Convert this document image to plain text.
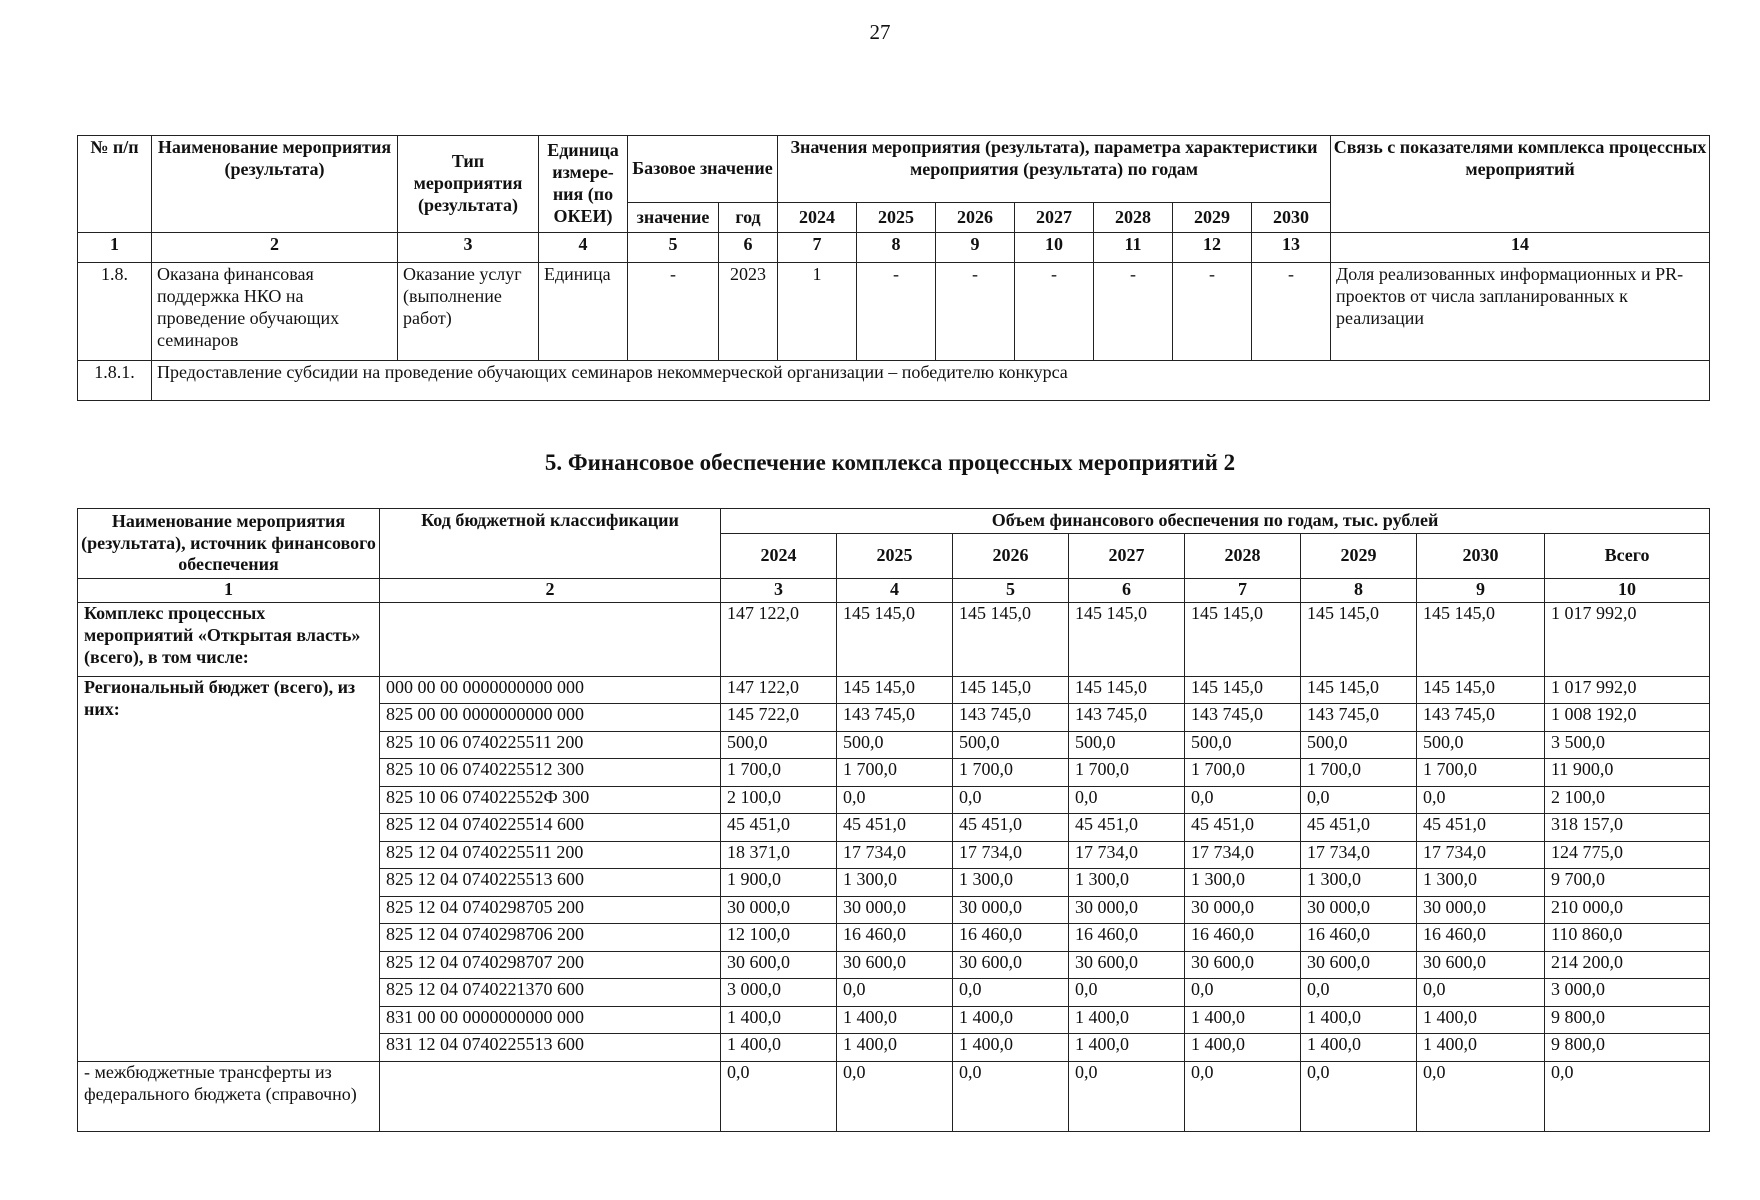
27
№ п/п	Наименование мероприятия (результата)	Тип мероприятия (результата)	Единица измере-ния (по ОКЕИ)	Базовое значение		Значения мероприятия (результата), параметра характеристики мероприятия (результата) по годам							Связь с показателями комплекса процессных мероприятий
				значение	год	2024	2025	2026	2027	2028	2029	2030	
1	2	3	4	5	6	7	8	9	10	11	12	13	14
1.8.	Оказана финансовая поддержка НКО на проведение обучающих семинаров	Оказание услуг (выполнение работ)	Единица	-	2023	1	-	-	-	-	-	-	Доля реализованных информационных и PR-проектов от числа запланированных к реализации
1.8.1.	Предоставление субсидии на проведение обучающих семинаров некоммерческой организации – победителю конкурса												
5. Финансовое обеспечение комплекса процессных мероприятий 2
Наименование мероприятия (результата), источник финансового обеспечения	Код бюджетной классификации	Объем финансового обеспечения по годам, тыс. рублей							
		2024	2025	2026	2027	2028	2029	2030	Всего
1	2	3	4	5	6	7	8	9	10
Комплекс процессных мероприятий «Открытая власть» (всего), в том числе:		147 122,0	145 145,0	145 145,0	145 145,0	145 145,0	145 145,0	145 145,0	1 017 992,0
Региональный бюджет (всего), из них:	000 00 00 0000000000 000	147 122,0	145 145,0	145 145,0	145 145,0	145 145,0	145 145,0	145 145,0	1 017 992,0
	825 00 00 0000000000 000	145 722,0	143 745,0	143 745,0	143 745,0	143 745,0	143 745,0	143 745,0	1 008 192,0
	825 10 06 0740225511 200	500,0	500,0	500,0	500,0	500,0	500,0	500,0	3 500,0
	825 10 06 0740225512 300	1 700,0	1 700,0	1 700,0	1 700,0	1 700,0	1 700,0	1 700,0	11 900,0
	825 10 06 074022552Ф 300	2 100,0	0,0	0,0	0,0	0,0	0,0	0,0	2 100,0
	825 12 04 0740225514 600	45 451,0	45 451,0	45 451,0	45 451,0	45 451,0	45 451,0	45 451,0	318 157,0
	825 12 04 0740225511 200	18 371,0	17 734,0	17 734,0	17 734,0	17 734,0	17 734,0	17 734,0	124 775,0
	825 12 04 0740225513 600	1 900,0	1 300,0	1 300,0	1 300,0	1 300,0	1 300,0	1 300,0	9 700,0
	825 12 04 0740298705 200	30 000,0	30 000,0	30 000,0	30 000,0	30 000,0	30 000,0	30 000,0	210 000,0
	825 12 04 0740298706 200	12 100,0	16 460,0	16 460,0	16 460,0	16 460,0	16 460,0	16 460,0	110 860,0
	825 12 04 0740298707 200	30 600,0	30 600,0	30 600,0	30 600,0	30 600,0	30 600,0	30 600,0	214 200,0
	825 12 04 0740221370 600	3 000,0	0,0	0,0	0,0	0,0	0,0	0,0	3 000,0
	831 00 00 0000000000 000	1 400,0	1 400,0	1 400,0	1 400,0	1 400,0	1 400,0	1 400,0	9 800,0
	831 12 04 0740225513 600	1 400,0	1 400,0	1 400,0	1 400,0	1 400,0	1 400,0	1 400,0	9 800,0
- межбюджетные трансферты из федерального бюджета (справочно)		0,0	0,0	0,0	0,0	0,0	0,0	0,0	0,0
